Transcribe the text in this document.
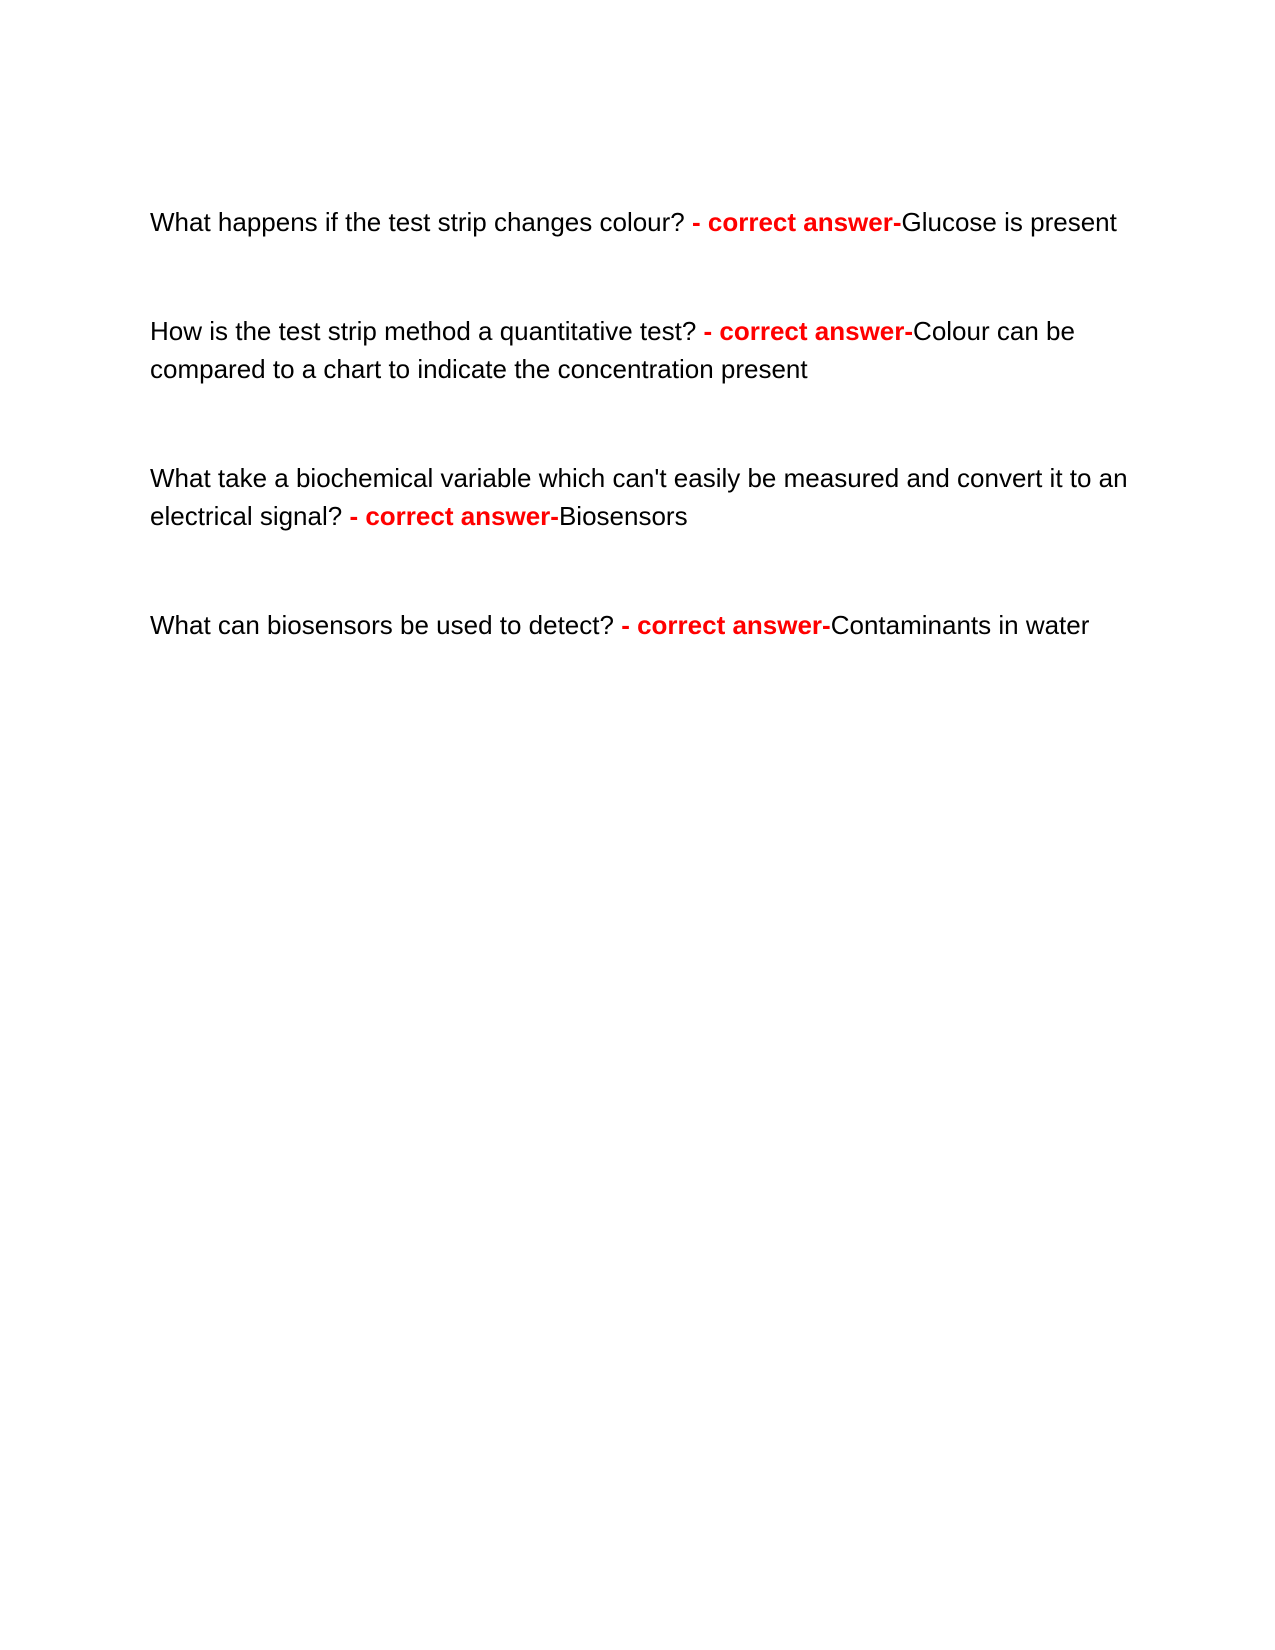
What happens if the test strip changes colour? - correct answer-Glucose is present

How is the test strip method a quantitative test? - correct answer-Colour can be compared to a chart to indicate the concentration present

What take a biochemical variable which can't easily be measured and convert it to an electrical signal? - correct answer-Biosensors

What can biosensors be used to detect? - correct answer-Contaminants in water
